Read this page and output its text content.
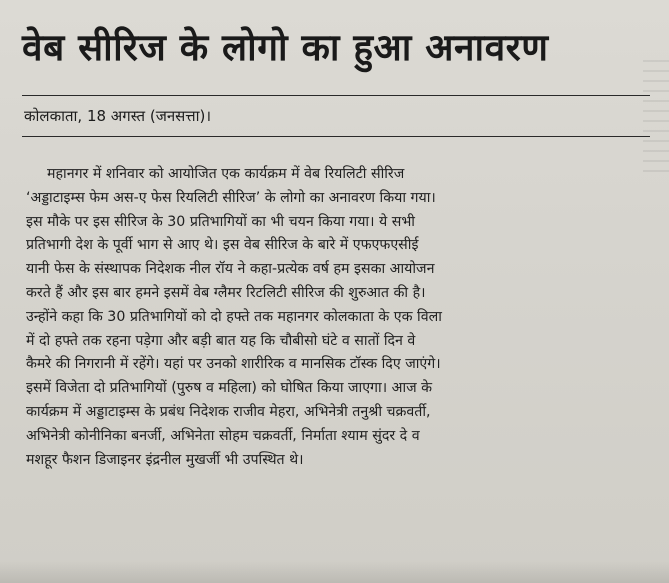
वेब सीरिज के लोगो का हुआ अनावरण

कोलकाता, 18 अगस्त (जनसत्ता)।

महानगर में शनिवार को आयोजित एक कार्यक्रम में वेब रियलिटी सीरिज
‘अड्डाटाइम्स फेम अस-ए फेस रियलिटी सीरिज’ के लोगो का अनावरण किया गया।
इस मौके पर इस सीरिज के 30 प्रतिभागियों का भी चयन किया गया। ये सभी
प्रतिभागी देश के पूर्वी भाग से आए थे। इस वेब सीरिज के बारे में एफएफएसीई
यानी फेस के संस्थापक निदेशक नील रॉय ने कहा-प्रत्येक वर्ष हम इसका आयोजन
करते हैं और इस बार हमने इसमें वेब ग्लैमर रिटलिटी सीरिज की शुरुआत की है।
उन्होंने कहा कि 30 प्रतिभागियों को दो हफ्ते तक महानगर कोलकाता के एक विला
में दो हफ्ते तक रहना पड़ेगा और बड़ी बात यह कि चौबीसो घंटे व सातों दिन वे
कैमरे की निगरानी में रहेंगे। यहां पर उनको शारीरिक व मानसिक टॉस्क दिए जाएंगे।
इसमें विजेता दो प्रतिभागियों (पुरुष व महिला) को घोषित किया जाएगा। आज के
कार्यक्रम में अड्डाटाइम्स के प्रबंध निदेशक राजीव मेहरा, अभिनेत्री तनुश्री चक्रवर्ती,
अभिनेत्री कोनीनिका बनर्जी, अभिनेता सोहम चक्रवर्ती, निर्माता श्याम सुंदर दे व
मशहूर फैशन डिजाइनर इंद्रनील मुखर्जी भी उपस्थित थे।
